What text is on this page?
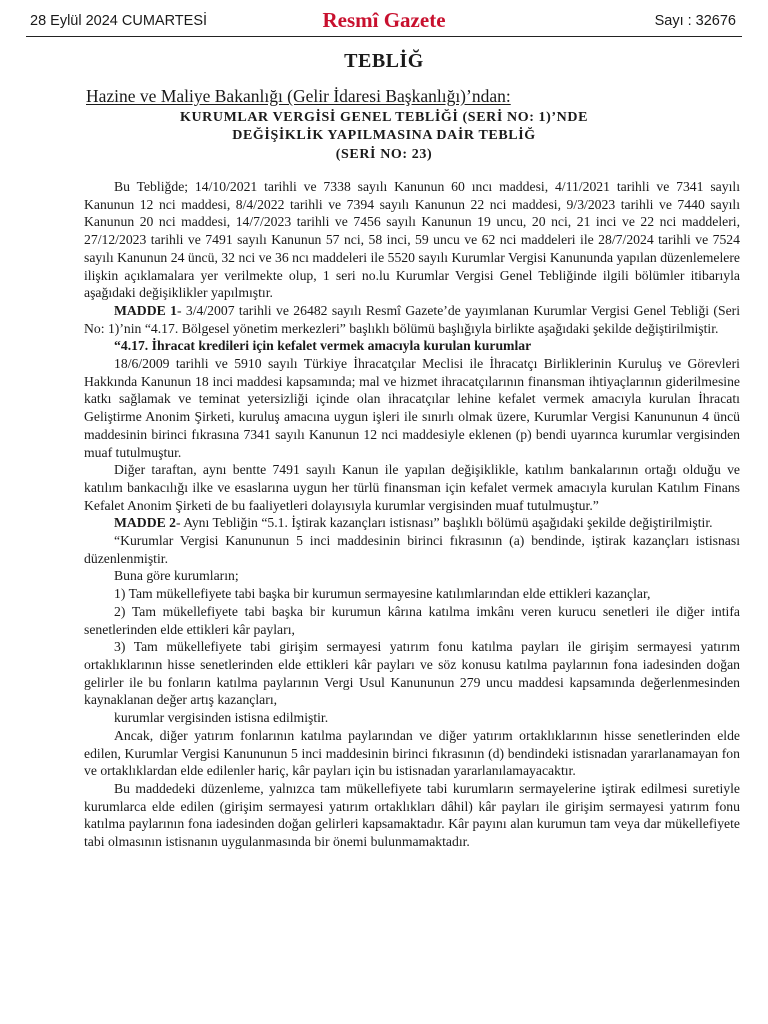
28 Eylül 2024 CUMARTESİ	Resmî Gazete	Sayı : 32676
TEBLİĞ
Hazine ve Maliye Bakanlığı (Gelir İdaresi Başkanlığı)’ndan:
KURUMLAR VERGİSİ GENEL TEBLİĞİ (SERİ NO: 1)’NDE
DEĞİŞİKLİK YAPILMASINA DAİR TEBLİĞ
(SERİ NO: 23)

Bu Tebliğde; 14/10/2021 tarihli ve 7338 sayılı Kanunun 60 ıncı maddesi, 4/11/2021 tarihli ve 7341 sayılı Kanunun 12 nci maddesi, 8/4/2022 tarihli ve 7394 sayılı Kanunun 22 nci maddesi, 9/3/2023 tarihli ve 7440 sayılı Kanunun 20 nci maddesi, 14/7/2023 tarihli ve 7456 sayılı Kanunun 19 uncu, 20 nci, 21 inci ve 22 nci maddeleri, 27/12/2023 tarihli ve 7491 sayılı Kanunun 57 nci, 58 inci, 59 uncu ve 62 nci maddeleri ile 28/7/2024 tarihli ve 7524 sayılı Kanunun 24 üncü, 32 nci ve 36 ncı maddeleri ile 5520 sayılı Kurumlar Vergisi Kanununda yapılan düzenlemelere ilişkin açıklamalara yer verilmekte olup, 1 seri no.lu Kurumlar Vergisi Genel Tebliğinde ilgili bölümler itibarıyla aşağıdaki değişiklikler yapılmıştır.

MADDE 1- 3/4/2007 tarihli ve 26482 sayılı Resmî Gazete’de yayımlanan Kurumlar Vergisi Genel Tebliği (Seri No: 1)’nin “4.17. Bölgesel yönetim merkezleri” başlıklı bölümü başlığıyla birlikte aşağıdaki şekilde değiştirilmiştir.

“4.17. İhracat kredileri için kefalet vermek amacıyla kurulan kurumlar

18/6/2009 tarihli ve 5910 sayılı Türkiye İhracatçılar Meclisi ile İhracatçı Birliklerinin Kuruluş ve Görevleri Hakkında Kanunun 18 inci maddesi kapsamında; mal ve hizmet ihracatçılarının finansman ihtiyaçlarının giderilmesine katkı sağlamak ve teminat yetersizliği içinde olan ihracatçılar lehine kefalet vermek amacıyla kurulan İhracatı Geliştirme Anonim Şirketi, kuruluş amacına uygun işleri ile sınırlı olmak üzere, Kurumlar Vergisi Kanununun 4 üncü maddesinin birinci fıkrasına 7341 sayılı Kanunun 12 nci maddesiyle eklenen (p) bendi uyarınca kurumlar vergisinden muaf tutulmuştur.

Diğer taraftan, aynı bentte 7491 sayılı Kanun ile yapılan değişiklikle, katılım bankalarının ortağı olduğu ve katılım bankacılığı ilke ve esaslarına uygun her türlü finansman için kefalet vermek amacıyla kurulan Katılım Finans Kefalet Anonim Şirketi de bu faaliyetleri dolayısıyla kurumlar vergisinden muaf tutulmuştur.”

MADDE 2- Aynı Tebliğin “5.1. İştirak kazançları istisnası” başlıklı bölümü aşağıdaki şekilde değiştirilmiştir.

“Kurumlar Vergisi Kanununun 5 inci maddesinin birinci fıkrasının (a) bendinde, iştirak kazançları istisnası düzenlenmiştir.

Buna göre kurumların;

1) Tam mükellefiyete tabi başka bir kurumun sermayesine katılımlarından elde ettikleri kazançlar,

2) Tam mükellefiyete tabi başka bir kurumun kârına katılma imkânı veren kurucu senetleri ile diğer intifa senetlerinden elde ettikleri kâr payları,

3) Tam mükellefiyete tabi girişim sermayesi yatırım fonu katılma payları ile girişim sermayesi yatırım ortaklıklarının hisse senetlerinden elde ettikleri kâr payları ve söz konusu katılma paylarının fona iadesinden doğan gelirler ile bu fonların katılma paylarının Vergi Usul Kanununun 279 uncu maddesi kapsamında değerlenmesinden kaynaklanan değer artış kazançları,

kurumlar vergisinden istisna edilmiştir.

Ancak, diğer yatırım fonlarının katılma paylarından ve diğer yatırım ortaklıklarının hisse senetlerinden elde edilen, Kurumlar Vergisi Kanununun 5 inci maddesinin birinci fıkrasının (d) bendindeki istisnadan yararlanamayan fon ve ortaklıklardan elde edilenler hariç, kâr payları için bu istisnadan yararlanılamayacaktır.

Bu maddedeki düzenleme, yalnızca tam mükellefiyete tabi kurumların sermayelerine iştirak edilmesi suretiyle kurumlarca elde edilen (girişim sermayesi yatırım ortaklıkları dâhil) kâr payları ile girişim sermayesi yatırım fonu katılma paylarının fona iadesinden doğan gelirleri kapsamaktadır. Kâr payını alan kurumun tam veya dar mükellefiyete tabi olmasının istisnanın uygulanmasında bir önemi bulunmamaktadır.
